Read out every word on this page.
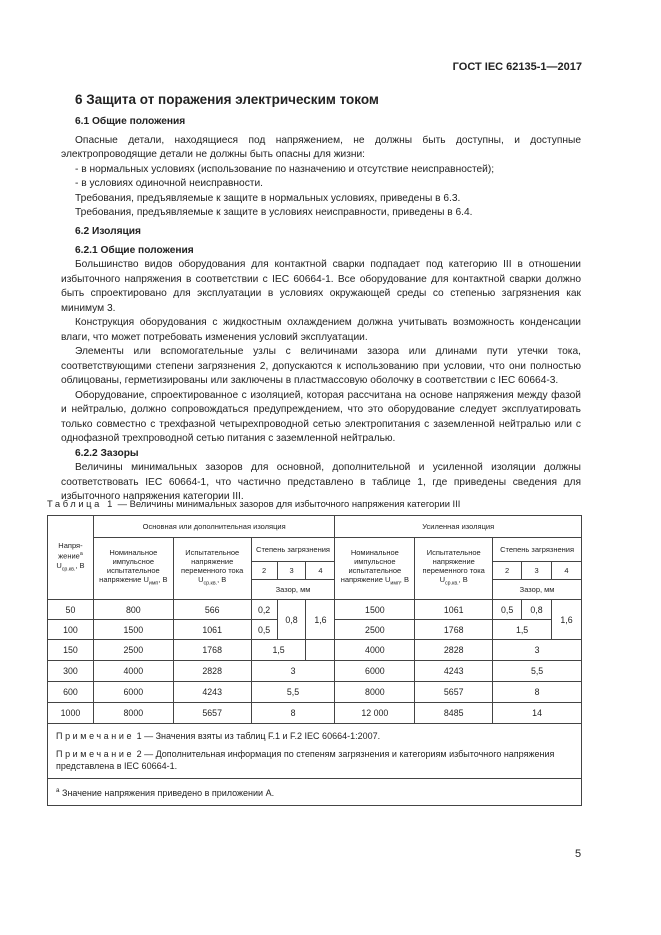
ГОСТ IEC 62135-1—2017
6 Защита от поражения электрическим током

6.1 Общие положения

Опасные детали, находящиеся под напряжением, не должны быть доступны, и доступные электропроводящие детали не должны быть опасны для жизни:

- в нормальных условиях (использование по назначению и отсутствие неисправностей);

- в условиях одиночной неисправности.

Требования, предъявляемые к защите в нормальных условиях, приведены в 6.3.

Требования, предъявляемые к защите в условиях неисправности, приведены в 6.4.

6.2 Изоляция

6.2.1 Общие положения

Большинство видов оборудования для контактной сварки подпадает под категорию III в отношении избыточного напряжения в соответствии с IEC 60664-1. Все оборудование для контактной сварки должно быть спроектировано для эксплуатации в условиях окружающей среды со степенью загрязнения как минимум 3.

Конструкция оборудования с жидкостным охлаждением должна учитывать возможность конденсации влаги, что может потребовать изменения условий эксплуатации.

Элементы или вспомогательные узлы с величинами зазора или длинами пути утечки тока, соответствующими степени загрязнения 2, допускаются к использованию при условии, что они полностью облицованы, герметизированы или заключены в пластмассовую оболочку в соответствии с IEC 60664-3.

Оборудование, спроектированное с изоляцией, которая рассчитана на основе напряжения между фазой и нейтралью, должно сопровождаться предупреждением, что это оборудование следует эксплуатировать только совместно с трехфазной четырехпроводной сетью электропитания с заземленной нейтралью или с однофазной трехпроводной сетью питания с заземленной нейтралью.

6.2.2 Зазоры

Величины минимальных зазоров для основной, дополнительной и усиленной изоляции должны соответствовать IEC 60664-1, что частично представлено в таблице 1, где приведены сведения для избыточного напряжения категории III.

Таблица 1 — Величины минимальных зазоров для избыточного напряжения категории III
Напря-жение$^a$
$U_{ср.кв.}$, В	Основная или дополнительная изоляция					Усиленная изоляция				
	Номинальное импульсное испытательное напряжение $U_{имп}$, В	Испытательное напряжение переменного тока $U_{ср.кв.}$, В	Степень загрязнения			Номинальное импульсное испытательное напряжение $U_{имп}$, В	Испытательное напряжение переменного тока $U_{ср.кв.}$, В	Степень загрязнения		
			2	3	4			2	3	4
			Зазор, мм					Зазор, мм		
50	800	566	0,2	0,8	1,6	1500	1061	0,5	0,8	1,6
100	1500	1061	0,5			2500	1768	1,5		
150	2500	1768	1,5			4000	2828	3		
300	4000	2828	3			6000	4243	5,5		
600	6000	4243	5,5			8000	5657	8		
1000	8000	5657	8			12 000	8485	14		

Примечание 1 — Значения взяты из таблиц F.1 и F.2 IEC 60664-1:2007.
Примечание 2 — Дополнительная информация по степеням загрязнения и категориям избыточного напряжения представлена в IEC 60664-1.										

$^a$ Значение напряжения приведено в приложении А.										
5
